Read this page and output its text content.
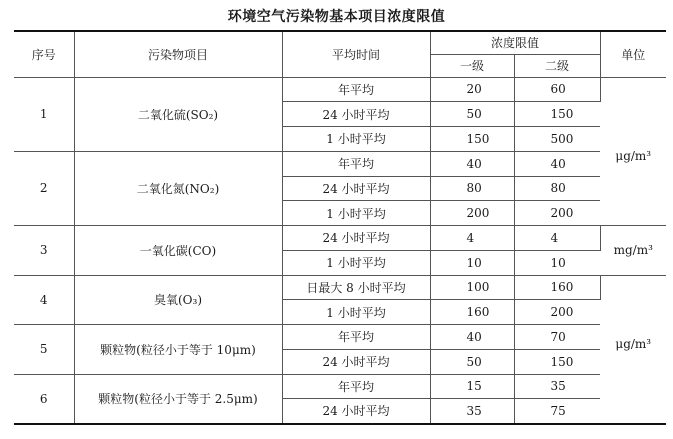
环境空气污染物基本项目浓度限值
序号	污染物项目	平均时间	浓度限值		单位
			一级	二级	
1	二氧化硫(SO₂)	年平均	20	60	μg/m³
		24 小时平均	50	150	
		1 小时平均	150	500	
2	二氧化氮(NO₂)	年平均	40	40	
		24 小时平均	80	80	
		1 小时平均	200	200	
3	一氧化碳(CO)	24 小时平均	4	4	mg/m³
		1 小时平均	10	10	
4	臭氧(O₃)	日最大 8 小时平均	100	160	μg/m³
		1 小时平均	160	200	
5	颗粒物(粒径小于等于 10μm)	年平均	40	70	
		24 小时平均	50	150	
6	颗粒物(粒径小于等于 2.5μm)	年平均	15	35	
		24 小时平均	35	75	
